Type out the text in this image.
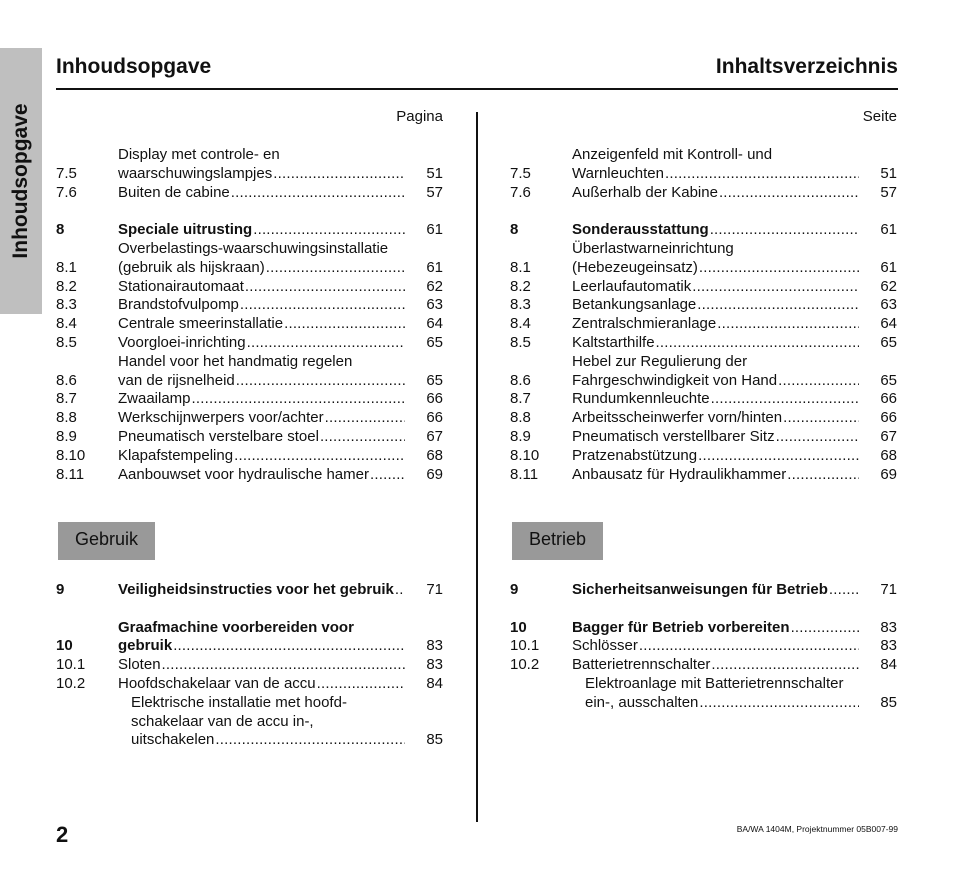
Inhoudsopgave
Inhoudsopgave	Inhaltsverzeichnis
Pagina
7.5
Display met controle- en
waarschuwingslampjes .....	51
7.6	Buiten de cabine .....	57
8	Speciale uitrusting .....	61
8.1
Overbelastings-waarschuwingsinstallatie
(gebruik als hijskraan) .....	61
8.2	Stationairautomaat .....	62
8.3	Brandstofvulpomp .....	63
8.4	Centrale smeerinstallatie .....	64
8.5	Voorgloei-inrichting .....	65
8.6
Handel voor het handmatig regelen
van de rijsnelheid .....	65
8.7	Zwaailamp .....	66
8.8	Werkschijnwerpers voor/achter .....	66
8.9	Pneumatisch verstelbare stoel .....	67
8.10	Klapafstempeling .....	68
8.11	Aanbouwset voor hydraulische hamer .....	69
Seite
7.5
Anzeigenfeld mit Kontroll- und
Warnleuchten .....	51
7.6	Außerhalb der Kabine .....	57
8	Sonderausstattung .....	61
8.1
Überlastwarneinrichtung
(Hebezeugeinsatz) .....	61
8.2	Leerlaufautomatik .....	62
8.3	Betankungsanlage .....	63
8.4	Zentralschmieranlage .....	64
8.5	Kaltstarthilfe .....	65
8.6
Hebel zur Regulierung der
Fahrgeschwindigkeit von Hand .....	65
8.7	Rundumkennleuchte .....	66
8.8	Arbeitsscheinwerfer vorn/hinten .....	66
8.9	Pneumatisch verstellbarer Sitz .....	67
8.10	Pratzenabstützung .....	68
8.11	Anbausatz für Hydraulikhammer .....	69
Gebruik	Betrieb
9	Veiligheidsinstructies voor het gebruik .....	71
10
Graafmachine voorbereiden voor
gebruik .....	83
10.1	Sloten .....	83
10.2	Hoofdschakelaar van de accu .....	84
Elektrische installatie met hoofd-
schakelaar van de accu in-,
uitschakelen .....	85
9	Sicherheitsanweisungen für Betrieb .....	71
10	Bagger für Betrieb vorbereiten .....	83
10.1	Schlösser .....	83
10.2	Batterietrennschalter .....	84
Elektroanlage mit Batterietrennschalter
ein-, ausschalten .....	85
2	BA/WA 1404M, Projektnummer 05B007-99
